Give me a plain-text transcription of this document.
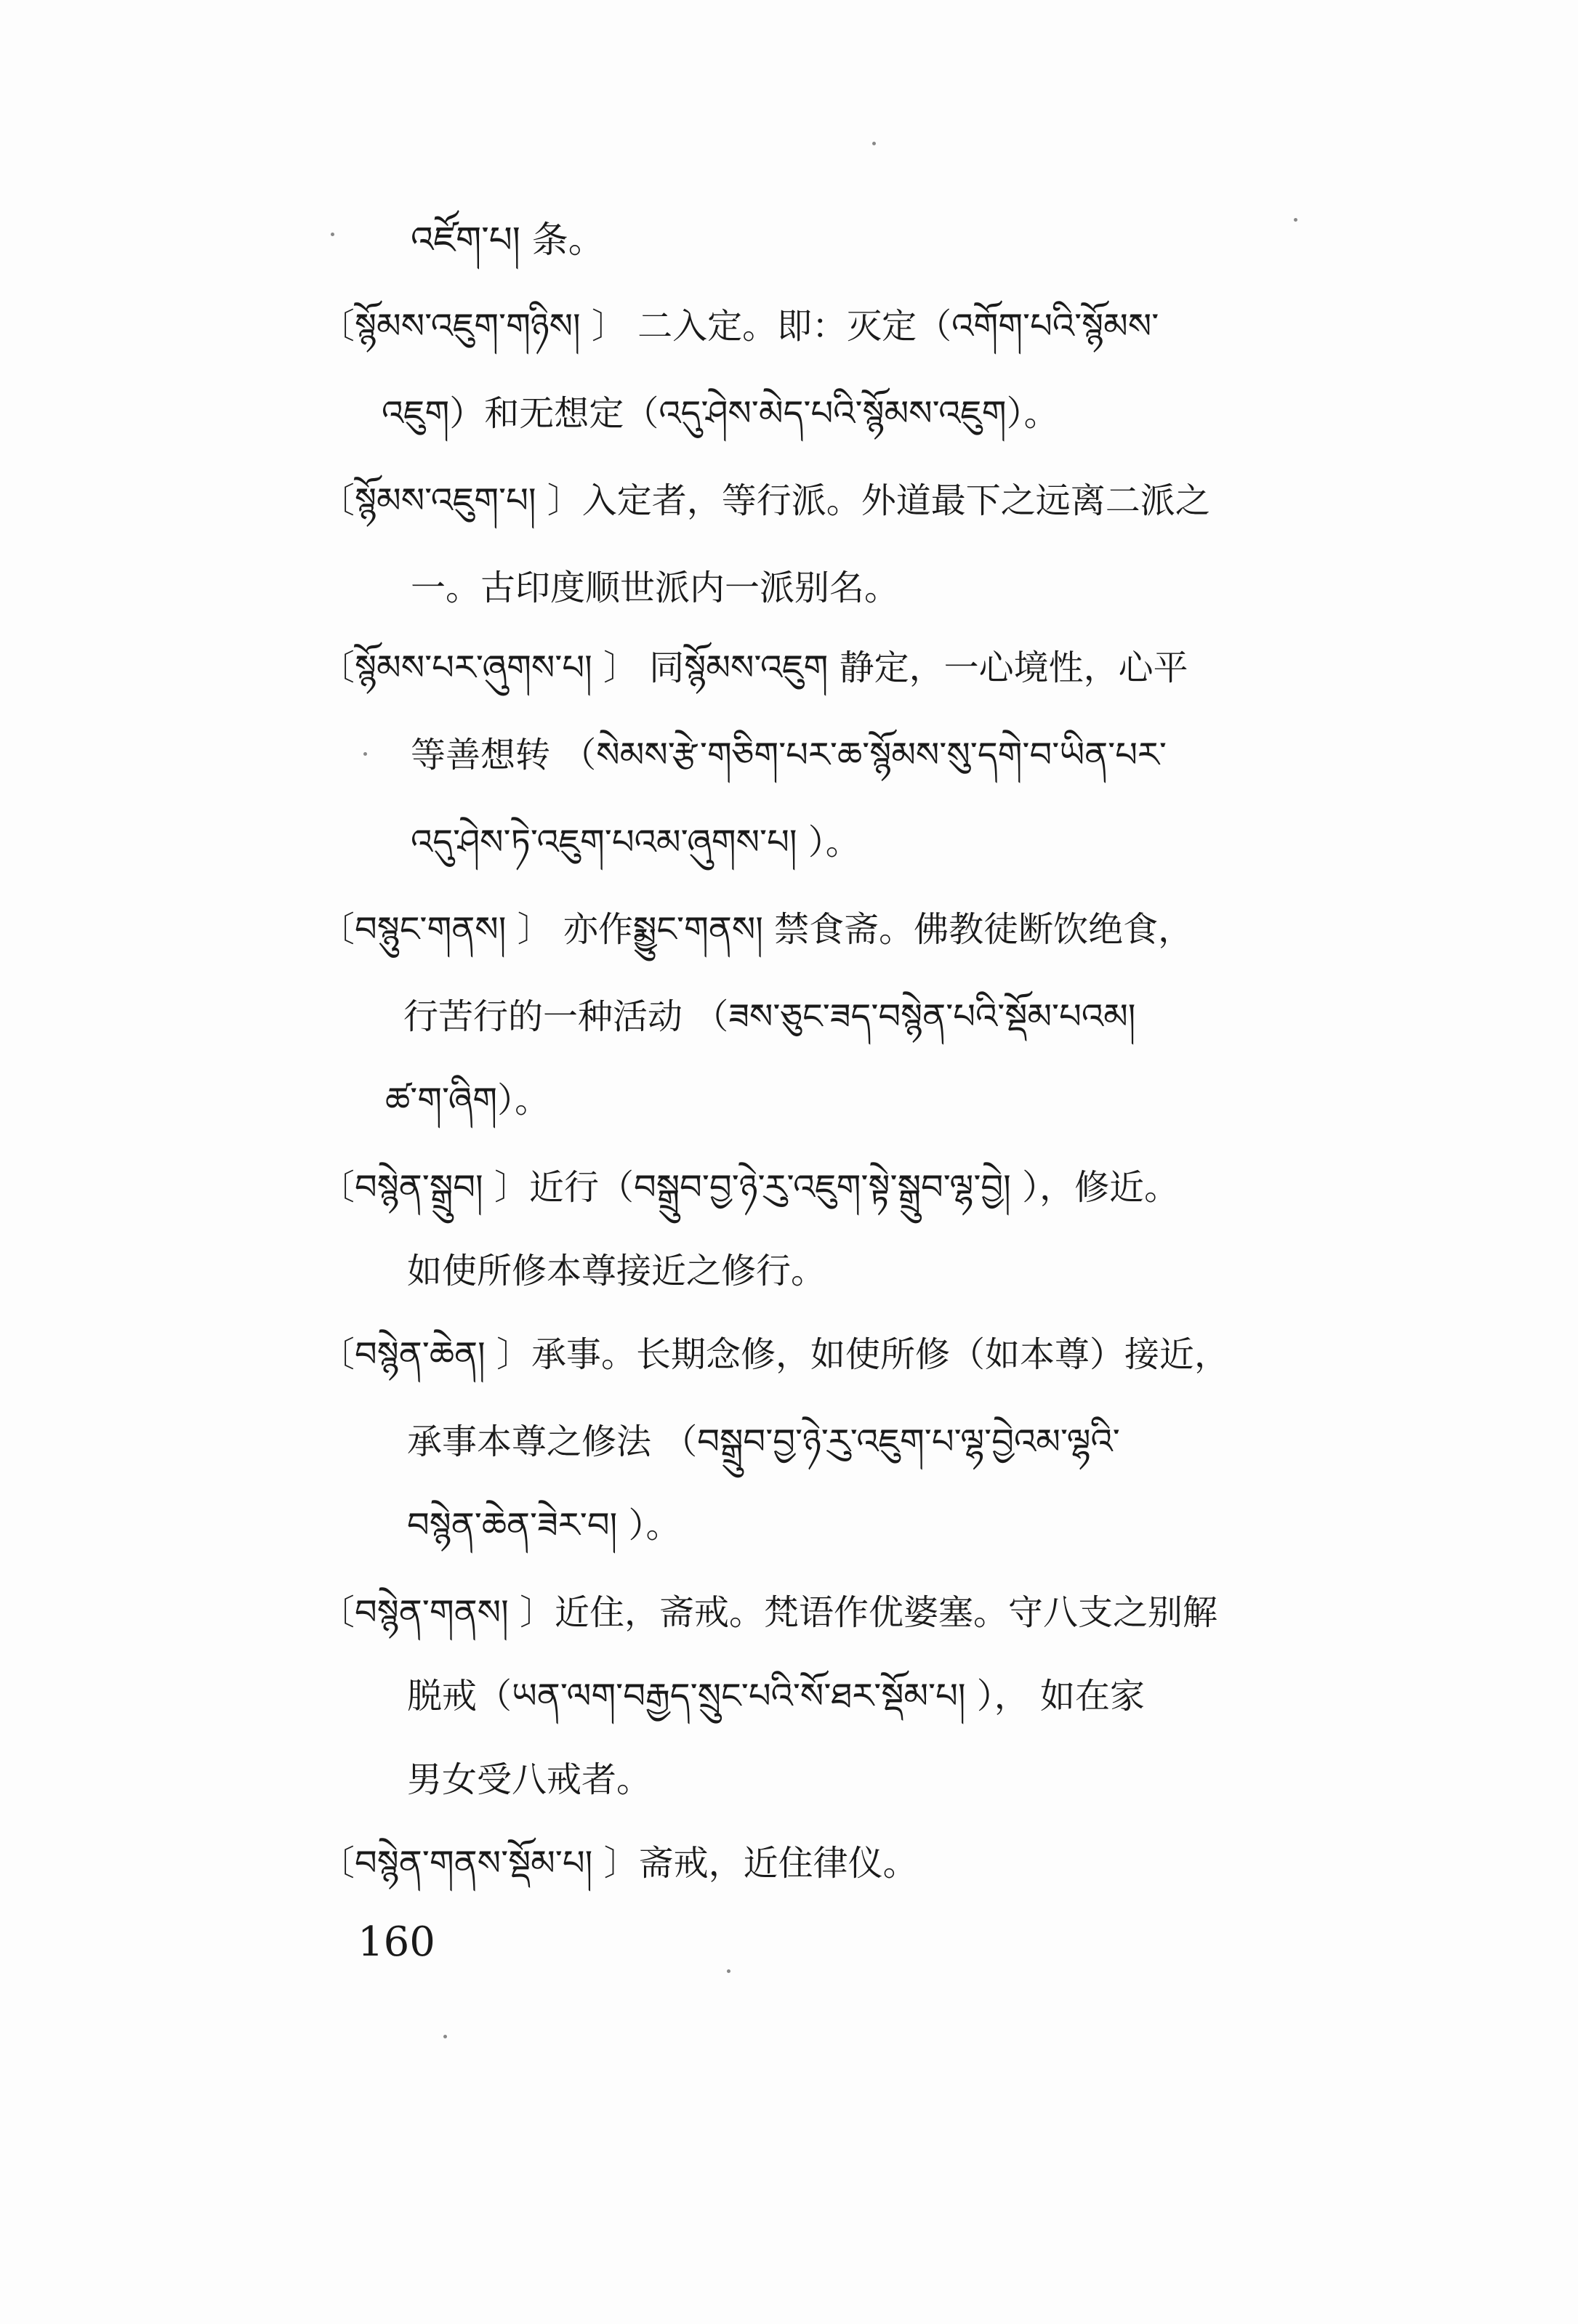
འཛོག་པ། 条。
〔སྙོམས་འཇུག་གཉིས། 〕 二入定。即：灭定（འགོག་པའི་སྙོམས་
འཇུག）和无想定（འདུ་ཤེས་མེད་པའི་སྙོམས་འཇུག）。
〔སྙོམས་འཇུག་པ། 〕入定者，等行派。外道最下之远离二派之
一。古印度顺世派内一派别名。
〔སྙོམས་པར་ཞུགས་པ། 〕 同སྙོམས་འཇུག 静定，一心境性，心平
等善想转 （སེམས་རྩེ་གཅིག་པར་ཆ་སྙོམས་སུ་དགེ་བ་ཡིན་པར་
འདུ་ཤེས་ཏེ་འཇུག་པའམ་ཞུགས་པ། ）。
〔བསྙུང་གནས། 〕 亦作སྨྱུང་གནས། 禁食斋。佛教徒断饮绝食，
行苦行的一种活动 （ཟས་ཅུང་ཟད་བསྙེན་པའི་སྡོམ་པའམ།
ཚ་ག་ཞིག）。
〔བསྙེན་སྒྲུབ། 〕近行（བསྒྲུབ་བྱ་ཉེ་ཪུ་འཇུག་སྟེ་སྒྲུབ་ལྷ་བྱེ། ），修近。
如使所修本尊接近之修行。
〔བསྙེན་ཆེན། 〕承事。长期念修，如使所修（如本尊）接近，
承事本尊之修法 （བསྒྲུབ་བྱ་ཉེ་ཪུ་འཇུག་པ་ལྷ་བྱེའམ་ལྷའི་
བསྙེན་ཆེན་ཟེར་བ། ）。
〔བསྙེན་གནས། 〕近住，斋戒。梵语作优婆塞。守八支之别解
脱戒（ཡན་ལག་བརྒྱད་སྲུང་པའི་སོ་ཐར་སྡོམ་པ། ）， 如在家
男女受八戒者。
〔བསྙེན་གནས་སྡོམ་པ། 〕斋戒，近住律仪。
160
